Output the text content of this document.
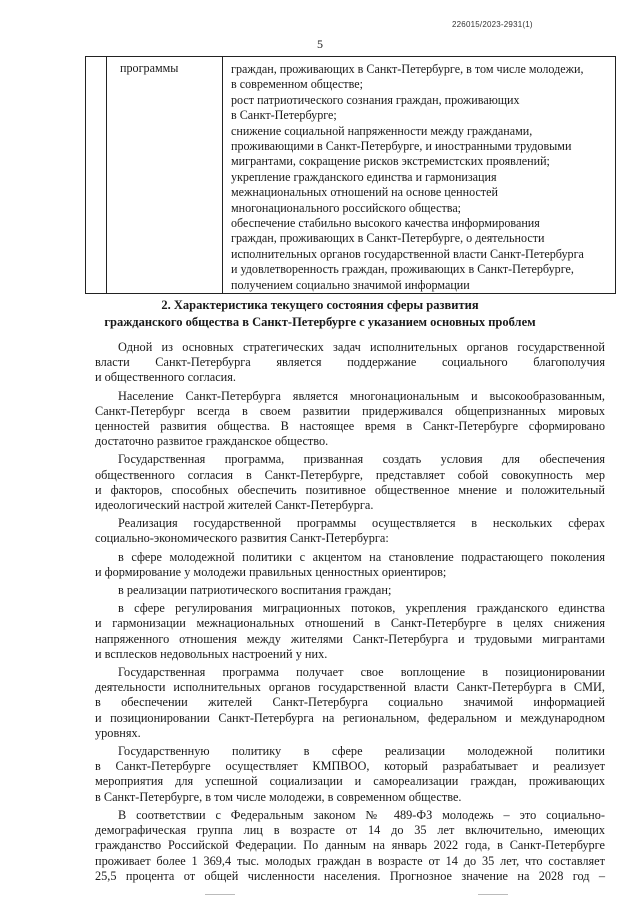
226015/2023-2931(1)
5

программы	граждан, проживающих в Санкт-Петербурге, в том числе молодежи,
в современном обществе;
рост патриотического сознания граждан, проживающих
в Санкт-Петербурге;
снижение социальной напряженности между гражданами,
проживающими в Санкт-Петербурге, и иностранными трудовыми
мигрантами, сокращение рисков экстремистских проявлений;
укрепление гражданского единства и гармонизация
межнациональных отношений на основе ценностей
многонационального российского общества;
обеспечение стабильно высокого качества информирования
граждан, проживающих в Санкт-Петербурге, о деятельности
исполнительных органов государственной власти Санкт-Петербурга
и удовлетворенность граждан, проживающих в Санкт-Петербурге,
получением социально значимой информации
2. Характеристика текущего состояния сферы развития
гражданского общества в Санкт-Петербурге с указанием основных проблем

Одной из основных стратегических задач исполнительных органов государственной
власти Санкт-Петербурга является поддержание социального благополучия
и общественного согласия.

Население Санкт-Петербурга является многонациональным и высокообразованным,
Санкт-Петербург всегда в своем развитии придерживался общепризнанных мировых
ценностей развития общества. В настоящее время в Санкт-Петербурге сформировано
достаточно развитое гражданское общество.

Государственная программа, призванная создать условия для обеспечения
общественного согласия в Санкт-Петербурге, представляет собой совокупность мер
и факторов, способных обеспечить позитивное общественное мнение и положительный
идеологический настрой жителей Санкт-Петербурга.

Реализация государственной программы осуществляется в нескольких сферах
социально-экономического развития Санкт-Петербурга:

в сфере молодежной политики с акцентом на становление подрастающего поколения
и формирование у молодежи правильных ценностных ориентиров;

в реализации патриотического воспитания граждан;

в сфере регулирования миграционных потоков, укрепления гражданского единства
и гармонизации межнациональных отношений в Санкт-Петербурге в целях снижения
напряженного отношения между жителями Санкт-Петербурга и трудовыми мигрантами
и всплесков недовольных настроений у них.

Государственная программа получает свое воплощение в позиционировании
деятельности исполнительных органов государственной власти Санкт-Петербурга в СМИ,
в обеспечении жителей Санкт-Петербурга социально значимой информацией
и позиционировании Санкт-Петербурга на региональном, федеральном и международном
уровнях.

Государственную политику в сфере реализации молодежной политики
в Санкт-Петербурге осуществляет КМПВОО, который разрабатывает и реализует
мероприятия для успешной социализации и самореализации граждан, проживающих
в Санкт-Петербурге, в том числе молодежи, в современном обществе.

В соответствии с Федеральным законом № 489-ФЗ молодежь – это социально-
демографическая группа лиц в возрасте от 14 до 35 лет включительно, имеющих
гражданство Российской Федерации. По данным на январь 2022 года, в Санкт-Петербурге
проживает более 1 369,4 тыс. молодых граждан в возрасте от 14 до 35 лет, что составляет
25,5 процента от общей численности населения. Прогнозное значение на 2028 год –
